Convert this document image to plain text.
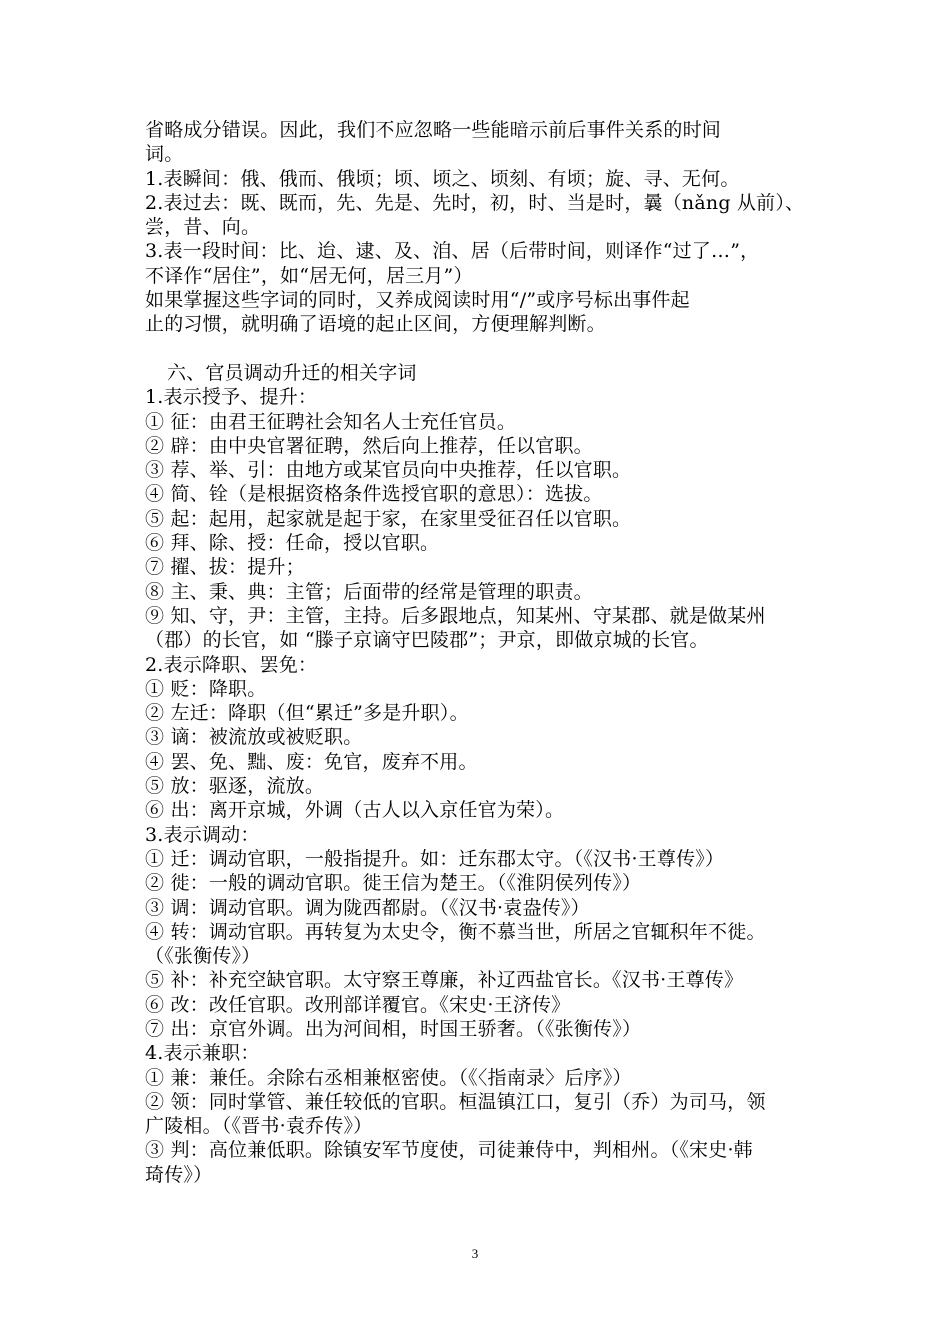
省略成分错误。因此，我们不应忽略一些能暗示前后事件关系的时间
词。
1.表瞬间：俄、俄而、俄顷；顷、顷之、顷刻、有顷；旋、寻、无何。
2.表过去：既、既而，先、先是、先时，初，时、当是时，曩（nǎng 从前）、
尝，昔、向。
3.表一段时间：比、迨、逮、及、洎、居（后带时间，则译作“过了…”，
不译作“居住”，如“居无何，居三月”）
如果掌握这些字词的同时，又养成阅读时用“/”或序号标出事件起
止的习惯，就明确了语境的起止区间，方便理解判断。
六、官员调动升迁的相关字词
1.表示授予、提升：
① 征：由君王征聘社会知名人士充任官员。
② 辟：由中央官署征聘，然后向上推荐，任以官职。
③ 荐、举、引：由地方或某官员向中央推荐，任以官职。
④ 简、铨（是根据资格条件选授官职的意思）：选拔。
⑤ 起：起用，起家就是起于家，在家里受征召任以官职。
⑥ 拜、除、授：任命，授以官职。
⑦ 擢、拔：提升；
⑧ 主、秉、典：主管；后面带的经常是管理的职责。
⑨ 知、守，尹：主管，主持。后多跟地点，知某州、守某郡、就是做某州
（郡）的长官，如 “滕子京谪守巴陵郡”；尹京，即做京城的长官。
2.表示降职、罢免：
① 贬：降职。
② 左迁：降职（但“累迁”多是升职）。
③ 谪：被流放或被贬职。
④ 罢、免、黜、废：免官，废弃不用。
⑤ 放：驱逐，流放。
⑥ 出：离开京城，外调（古人以入京任官为荣）。
3.表示调动：
① 迁：调动官职，一般指提升。如：迁东郡太守。（《汉书·王尊传》）
② 徙：一般的调动官职。徙王信为楚王。（《淮阴侯列传》）
③ 调：调动官职。调为陇西都尉。（《汉书·袁盎传》）
④ 转：调动官职。再转复为太史令，衡不慕当世，所居之官辄积年不徙。
（《张衡传》）
⑤ 补：补充空缺官职。太守察王尊廉，补辽西盐官长。《汉书·王尊传》
⑥ 改：改任官职。改刑部详覆官。《宋史·王济传》
⑦ 出：京官外调。出为河间相，时国王骄奢。（《张衡传》）
4.表示兼职：
① 兼：兼任。余除右丞相兼枢密使。（《〈指南录〉后序》）
② 领：同时掌管、兼任较低的官职。桓温镇江口，复引（乔）为司马，领
广陵相。（《晋书·袁乔传》）
③ 判：高位兼低职。除镇安军节度使，司徒兼侍中，判相州。（《宋史·韩
琦传》）
3
